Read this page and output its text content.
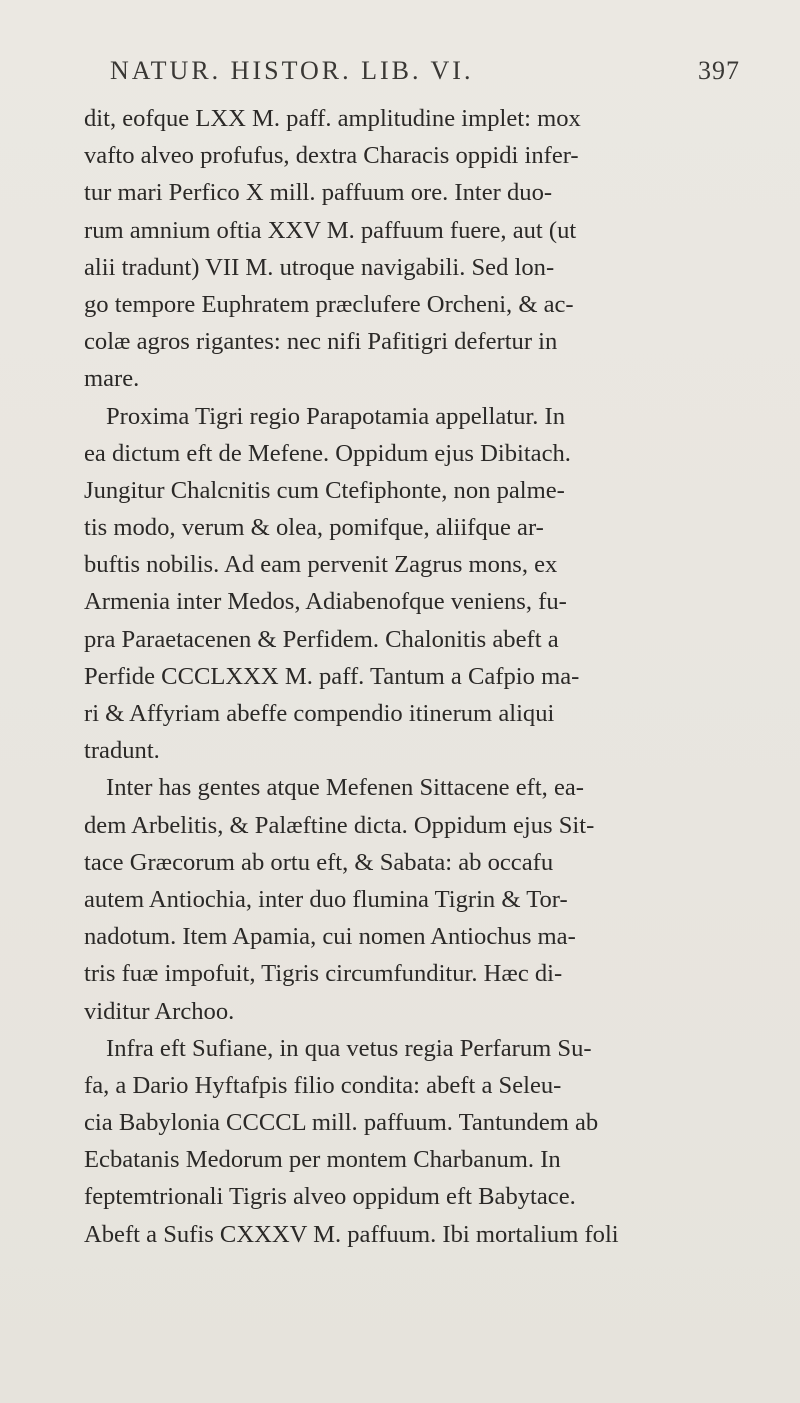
NATUR. HISTOR. LIB. VI.	397
dit, eofque LXX M. paff. amplitudine implet: mox
vafto alveo profufus, dextra Characis oppidi infer-
tur mari Perfico X mill. paffuum ore. Inter duo-
rum amnium oftia XXV M. paffuum fuere, aut (ut
alii tradunt) VII M. utroque navigabili. Sed lon-
go tempore Euphratem præclufere Orcheni, & ac-
colæ agros rigantes: nec nifi Pafitigri defertur in
mare.
Proxima Tigri regio Parapotamia appellatur. In
ea dictum eft de Mefene. Oppidum ejus Dibitach.
Jungitur Chalcnitis cum Ctefiphonte, non palme-
tis modo, verum & olea, pomifque, aliifque ar-
buftis nobilis. Ad eam pervenit Zagrus mons, ex
Armenia inter Medos, Adiabenofque veniens, fu-
pra Paraetacenen & Perfidem. Chalonitis abeft a
Perfide CCCLXXX M. paff. Tantum a Cafpio ma-
ri & Affyriam abeffe compendio itinerum aliqui
tradunt.
Inter has gentes atque Mefenen Sittacene eft, ea-
dem Arbelitis, & Palæftine dicta. Oppidum ejus Sit-
tace Græcorum ab ortu eft, & Sabata: ab occafu
autem Antiochia, inter duo flumina Tigrin & Tor-
nadotum. Item Apamia, cui nomen Antiochus ma-
tris fuæ impofuit, Tigris circumfunditur. Hæc di-
viditur Archoo.
Infra eft Sufiane, in qua vetus regia Perfarum Su-
fa, a Dario Hyftafpis filio condita: abeft a Seleu-
cia Babylonia CCCCL mill. paffuum. Tantundem ab
Ecbatanis Medorum per montem Charbanum. In
feptemtrionali Tigris alveo oppidum eft Babytace.
Abeft a Sufis CXXXV M. paffuum. Ibi mortalium foli
